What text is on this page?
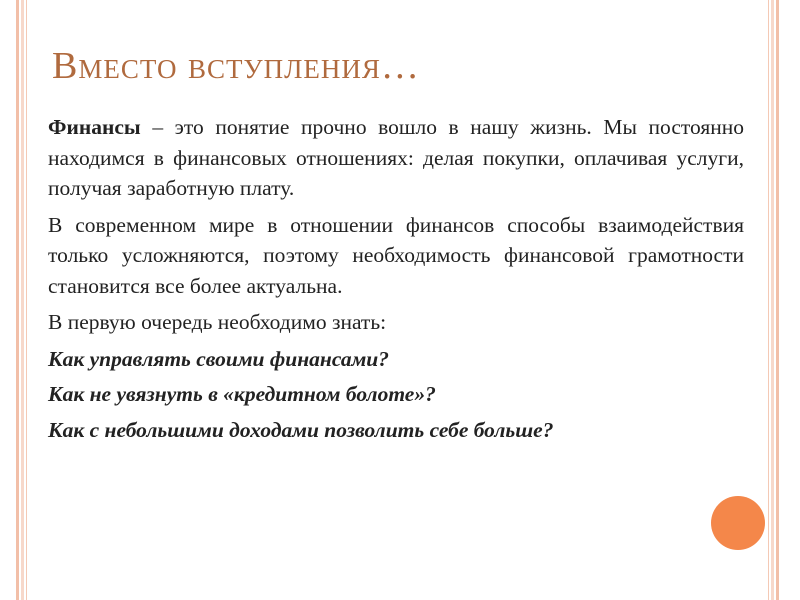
Вместо вступления…

Финансы – это понятие прочно вошло в нашу жизнь. Мы постоянно находимся в финансовых отношениях: делая покупки, оплачивая услуги, получая заработную плату.

В современном мире в отношении финансов способы взаимодействия только усложняются, поэтому необходимость финансовой грамотности становится все более актуальна.

В первую очередь необходимо знать:

Как управлять своими финансами?

Как не увязнуть в «кредитном болоте»?

Как с небольшими доходами позволить себе больше?
